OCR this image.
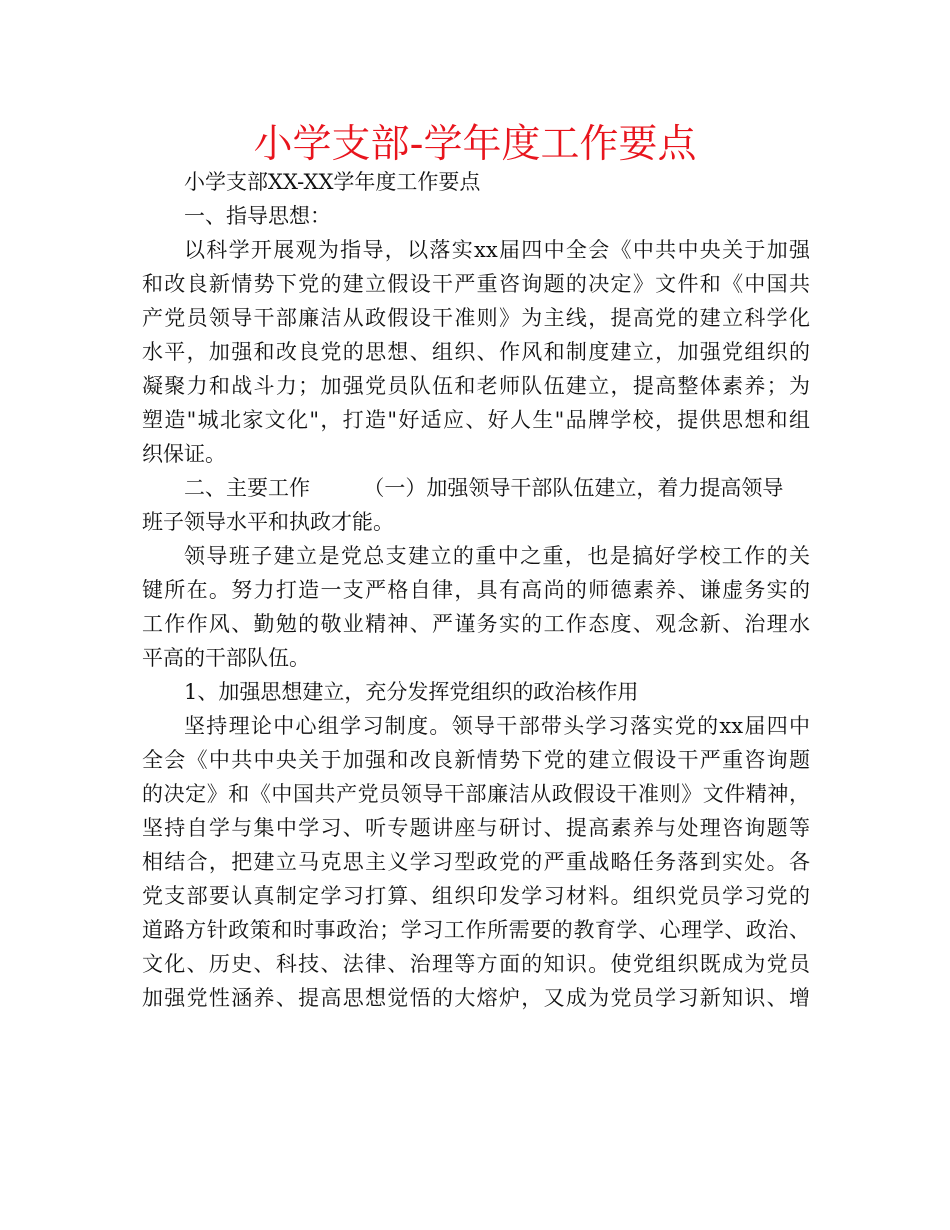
小学支部-学年度工作要点
小学支部XX-XX学年度工作要点
一、指导思想：
以科学开展观为指导，以落实xx届四中全会《中共中央关于加强
和改良新情势下党的建立假设干严重咨询题的决定》文件和《中国共
产党员领导干部廉洁从政假设干准则》为主线，提高党的建立科学化
水平，加强和改良党的思想、组织、作风和制度建立，加强党组织的
凝聚力和战斗力；加强党员队伍和老师队伍建立，提高整体素养；为
塑造"城北家文化"，打造"好适应、好人生"品牌学校，提供思想和组
织保证。
二、主要工作        （一）加强领导干部队伍建立，着力提高领导
班子领导水平和执政才能。
领导班子建立是党总支建立的重中之重，也是搞好学校工作的关
键所在。努力打造一支严格自律，具有高尚的师德素养、谦虚务实的
工作作风、勤勉的敬业精神、严谨务实的工作态度、观念新、治理水
平高的干部队伍。
1、加强思想建立，充分发挥党组织的政治核作用
坚持理论中心组学习制度。领导干部带头学习落实党的xx届四中
全会《中共中央关于加强和改良新情势下党的建立假设干严重咨询题
的决定》和《中国共产党员领导干部廉洁从政假设干准则》文件精神，
坚持自学与集中学习、听专题讲座与研讨、提高素养与处理咨询题等
相结合，把建立马克思主义学习型政党的严重战略任务落到实处。各
党支部要认真制定学习打算、组织印发学习材料。组织党员学习党的
道路方针政策和时事政治；学习工作所需要的教育学、心理学、政治、
文化、历史、科技、法律、治理等方面的知识。使党组织既成为党员
加强党性涵养、提高思想觉悟的大熔炉，又成为党员学习新知识、增
